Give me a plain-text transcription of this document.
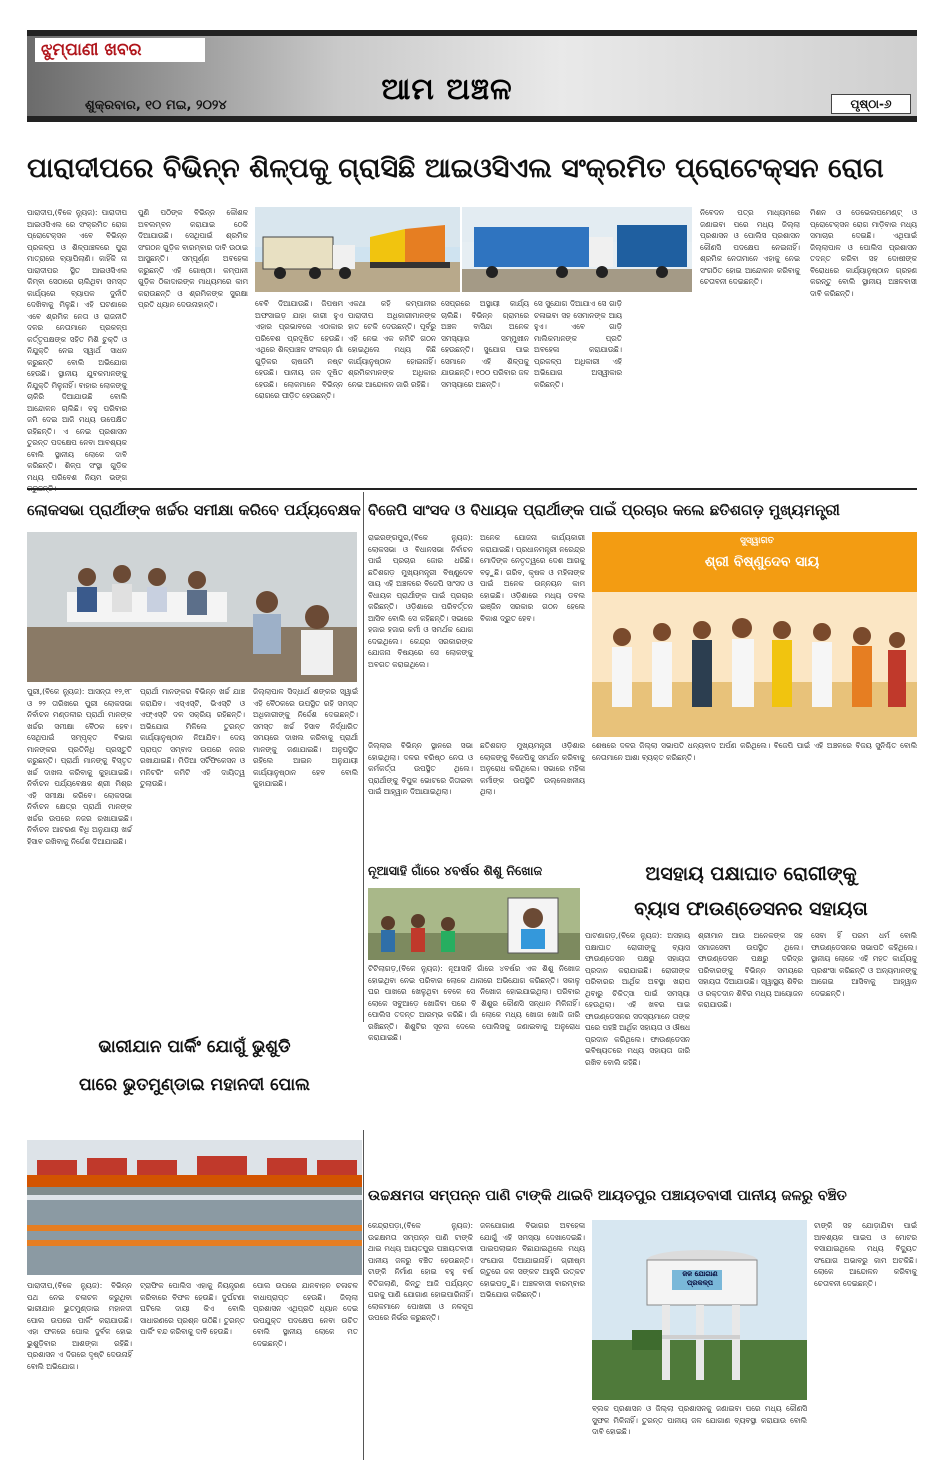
ଝୁମ୍ପାଣୀ ଖବର
ଆମ ଅଞ୍ଚଳ
ଶୁକ୍ରବାର, ୧୦ ମଇ, ୨୦୨୪	ପୃଷ୍ଠା-୬
ପାରାଦୀପରେ ବିଭିନ୍ନ ଶିଳ୍ପକୁ ଗ୍ରାସିଛି ଆଇଓସିଏଲ ସଂକ୍ରମିତ ପ୍ରୋଟେକ୍ସନ ରୋଗ
ପାରାଦୀପ,(ବିକେ ନ୍ୟୁଜ): ପାରାଦୀପ ଆଇଓସିଏଲ ରେ ସଂକ୍ରମିତ ରୋଗ ପ୍ରୋଟେକ୍ସନ ଏବେ ବିଭିନ୍ନ ପ୍ରକଳ୍ପ ଓ ଶିଳ୍ପାଞ୍ଚଳରେ ପୁରା ମାତ୍ରାରେ ବ୍ୟାପିଲାଣି। କାହିଁକି ନା ପାରାଦୀପର ସ୍ଥିତ ଆଇଓସିଏଲ କିମ୍ବା ସେଠାରେ ଚାଲିଥିବା ସମସ୍ତ କାର୍ଯ୍ୟରେ ବ୍ୟାପକ ଦୁର୍ନୀତି ଦେଖିବାକୁ ମିଳୁଛି। ଏହି ଘଟଣାରେ ଏବେ ଶ୍ରମିକ ନେତା ଓ ରାଜନୀତି ଦଳର ନେତାମାନେ ପ୍ରକଳ୍ପ କର୍ତ୍ତୃପକ୍ଷଙ୍କ ସହିତ ମିଶି ଚୁକ୍ତି ଓ ନିଯୁକ୍ତି ନେଇ ସ୍ୱାର୍ଥ ସାଧନ କରୁଛନ୍ତି ବୋଲି ଅଭିଯୋଗ ହେଉଛି। ସ୍ଥାନୀୟ ଯୁବକମାନଙ୍କୁ ନିଯୁକ୍ତି ମିଳୁନାହିଁ। ବାହାର ଲୋକଙ୍କୁ ଚାକିରି ଦିଆଯାଉଛି ବୋଲି ଆନ୍ଦୋଳନ ଚାଲିଛି। ବହୁ ପରିବାର ଜମି ଦେଇ ଆଜି ମଧ୍ୟ ଉପେକ୍ଷିତ ରହିଛନ୍ତି। ଏ ନେଇ ପ୍ରଶାସନ ତୁରନ୍ତ ପଦକ୍ଷେପ ନେବା ଆବଶ୍ୟକ ବୋଲି ସ୍ଥାନୀୟ ଲୋକେ ଦାବି କରିଛନ୍ତି। ଶିଳ୍ପ ସଂସ୍ଥା ଗୁଡ଼ିକ ମଧ୍ୟ ପରିବେଶ ନିୟମ ଭଙ୍ଗ
ପୁଣି ପଠିଙ୍କ ବିଭିନ୍ନ କୌଶଳ ଅବଲମ୍ବନ କରାଯାଇ ଠେକି ଦିଆଯାଉଛି। ସେଥିପାଇଁ ଶ୍ରମିକ ସଂଗଠନ ଗୁଡ଼ିକ ବାରମ୍ବାର ଦାବି ଉଠାଇ ଆସୁଛନ୍ତି। ସମ୍ପୂର୍ଣ୍ଣ ଅବହେଳା କରୁଛନ୍ତି ଏହି ଗୋଷ୍ଠୀ। କମ୍ପାନୀ ଗୁଡ଼ିକ ଠିକାଦାରଙ୍କ ମାଧ୍ୟମରେ କାମ କରାଉଛନ୍ତି ଓ ଶ୍ରମିକଙ୍କ ସୁରକ୍ଷା ପ୍ରତି ଧ୍ୟାନ ଦେଉନାହାନ୍ତି।	ବେବି ଦିଆଯାଉଛି। ଜିପଷମ ଅଫସାଇଡ଼ ଯାହା କାରୀ ହୁଏ ଏହାର ପ୍ରଭାବରେ ଏଠାକାର ପରିବେଶ ପ୍ରଦୂଷିତ ହେଉଛି। ଏଥିରେ ଶିଳ୍ପାଞ୍ଚଳ ସଂଲଗ୍ନ ଗାଁ ଗୁଡ଼ିକର ଚାଷଜମି ନଷ୍ଟ ହେଉଛି। ପାନୀୟ ଜଳ ଦୂଷିତ ହେଉଛି। ଲୋକମାନେ ବିଭିନ୍ନ ରୋଗରେ ପୀଡ଼ିତ ହେଉଛନ୍ତି।
ଏକଥା କହି କମ୍ପାନୀର ପାରାଦୀପ ଅଧିକାରୀମାନଙ୍କ ହାତ ଟେକି ଦେଉଛନ୍ତି। ପୂର୍ବରୁ ଏହି ନେଇ ଏକ କମିଟି ଗଠନ ହୋଇଥିଲେ ମଧ୍ୟ କିଛି କାର୍ଯ୍ୟାନୁଷ୍ଠାନ ହୋଇନାହିଁ। ଶ୍ରମିକମାନଙ୍କ ଅଧିକାର ନେଇ ଆନ୍ଦୋଳନ ଜାରି ରହିଛି।
ସେପ୍ରରେ ଅସ୍ଥାୟୀ କାର୍ଯ୍ୟ ଚାଲିଛି। ବିଭିନ୍ନ ଗ୍ରାମରେ ଅଞ୍ଚଳ ବାସିନ୍ଦା ଅନେକ ସମସ୍ୟାର ସମ୍ମୁଖୀନ ହେଉଛନ୍ତି। ସୁଯୋଗ ପାଇ ସେମାନେ ଏହି ଶିଳ୍ପକୁ ଯାଉଛନ୍ତି। ୧୦୦ ପରିବାର ଜଳ ସମସ୍ୟାରେ ଅଛନ୍ତି।
ସେ ସୁଯୋଗ ଦିଆଯାଏ ସେ ଗାଡ଼ି ଚଳାଇବା ସହ ସେମାନଙ୍କ ଆୟ ହୁଏ। ଏବେ ଗାଡ଼ି ମାଲିକମାନଙ୍କ ପ୍ରତି ଅବହେଳା କରାଯାଉଛି। ପ୍ରକଳ୍ପ ଅଧିକାରୀ ଏହି ଅଭିଯୋଗ ଅସ୍ୱୀକାର କରିଛନ୍ତି।
ନିବେଦନ ପତ୍ର ମାଧ୍ୟମରେ ଜଣାଇବା ପରେ ମଧ୍ୟ ଜିଲ୍ଲା ପ୍ରଶାସନ ଓ ପୋଲିସ ପ୍ରଶାସନ କୌଣସି ପଦକ୍ଷେପ ନେଇନାହିଁ। ଶ୍ରମିକ ନେତାମାନେ ଏହାକୁ ନେଇ ସଂଗଠିତ ହୋଇ ଆନ୍ଦୋଳନ କରିବାକୁ ଚେତାବନୀ ଦେଇଛନ୍ତି।
ମିଶନ ଓ ଡେଭେଲପମେଣ୍ଟ୍ ଓ ପ୍ରୋଟେକ୍ସନ ରୋଗ ମାଡ଼ିବାର ମଧ୍ୟ ସମାଚାର ଦେଇଛି। ଏଥିପାଇଁ ଜିଲ୍ଲାପାଳ ଓ ପୋଲିସ ପ୍ରଶାସନ ତଦନ୍ତ କରିବା ସହ ଦୋଷୀଙ୍କ ବିରୋଧରେ କାର୍ଯ୍ୟାନୁଷ୍ଠାନ ଗ୍ରହଣ କରନ୍ତୁ ବୋଲି ସ୍ଥାନୀୟ ଅଞ୍ଚଳବାସୀ ଦାବି କରିଛନ୍ତି।
ଲୋକସଭା ପ୍ରାର୍ଥୀଙ୍କ ଖର୍ଚ୍ଚର ସମୀକ୍ଷା କରିବେ ପର୍ଯ୍ୟବେକ୍ଷକ
ପୁରୀ,(ବିକେ ନ୍ୟୁଜ): ଆସନ୍ତା ୧୨,୧୮ ଓ ୨୨ ତାରିଖରେ ପୁରୀ ଲୋକସଭା ନିର୍ବାଚନ ମଣ୍ଡଳୀର ପ୍ରାର୍ଥୀ ମାନଙ୍କ ଖର୍ଚ୍ଚର ସମୀକ୍ଷା ବୈଠକ ହେବ। ସେଥିପାଇଁ ସମ୍ପୃକ୍ତ ବିଭାଗ ମାନଙ୍କର ପ୍ରତିନିଧି ପ୍ରସ୍ତୁତି କରୁଛନ୍ତି। ପ୍ରାର୍ଥୀ ମାନଙ୍କୁ ବିସ୍ତୃତ ଖର୍ଚ୍ଚ ଦାଖଲ କରିବାକୁ କୁହାଯାଇଛି। ନିର୍ବାଚନ ପର୍ଯ୍ୟବେକ୍ଷକ ଶ୍ରୀ ମିଶ୍ର ଏହି ସମୀକ୍ଷା କରିବେ। ଲୋକସଭା ନିର୍ବାଚନ କ୍ଷେତ୍ର ପ୍ରାର୍ଥୀ ମାନଙ୍କ ଖର୍ଚ୍ଚର ଉପରେ ନଜର ରଖାଯାଇଛି। ନିର୍ବାଚନ ଆଚରଣ ବିଧି ଅନୁଯାୟୀ ଖର୍ଚ୍ଚ ହିସାବ ରଖିବାକୁ ନିର୍ଦ୍ଦେଶ ଦିଆଯାଇଛି।
ପ୍ରାର୍ଥୀ ମାନଙ୍କର ବିଭିନ୍ନ ଖର୍ଚ୍ଚ ଯାଞ୍ଚ କରାଯିବ। ଏସ୍ଏସ୍‌ଟି, ଭିଏସ୍‌ଟି ଓ ଏଫ୍‌ଏସ୍‌ଟି ଦଳ ସକ୍ରିୟ ରହିଛନ୍ତି। ଅଭିଯୋଗ ମିଳିଲେ ତୁରନ୍ତ କାର୍ଯ୍ୟାନୁଷ୍ଠାନ ନିଆଯିବ। ଦେୟ ପ୍ରାପ୍ତ ସମ୍ବାଦ ଉପରେ ନଜର ରଖାଯାଇଛି। ମିଡିଆ ସର୍ଟିଫିକେସନ ଓ ମନିଟରିଂ କମିଟି ଏହି ଦାୟିତ୍ୱ ତୁଲାଉଛି।
ଜିଲ୍ଲାପାଳ ସିଦ୍ଧାର୍ଥ ଶଙ୍କର ସ୍ୱାଇଁ ଏହି ବୈଠକରେ ଉପସ୍ଥିତ ରହି ସମସ୍ତ ଅଧିକାରୀଙ୍କୁ ନିର୍ଦ୍ଦେଶ ଦେଇଛନ୍ତି। ସମସ୍ତ ଖର୍ଚ୍ଚ ହିସାବ ନିର୍ଦ୍ଧାରିତ ସମୟରେ ଦାଖଲ କରିବାକୁ ପ୍ରାର୍ଥୀ ମାନଙ୍କୁ ଜଣାଯାଇଛି। ଅନୁପସ୍ଥିତ ରହିଲେ ଆଇନ ଅନୁଯାୟୀ କାର୍ଯ୍ୟାନୁଷ୍ଠାନ ହେବ ବୋଲି କୁହାଯାଇଛି।
ବିଜେପି ସାଂସଦ ଓ ବିଧାୟକ ପ୍ରାର୍ଥୀଙ୍କ ପାଇଁ ପ୍ରଚାର କଲେ ଛତିଶଗଡ଼ ମୁଖ୍ୟମନ୍ତ୍ରୀ
ରାଇରଙ୍ଗପୁର,(ବିକେ ନ୍ୟୁଜ): ଲୋକସଭା ଓ ବିଧାନସଭା ନିର୍ବାଚନ ପାଇଁ ପ୍ରଚାର ଜୋର ଧରିଛି। ଛତିଶଗଡ଼ ମୁଖ୍ୟମନ୍ତ୍ରୀ ବିଷ୍ଣୁଦେବ ସାୟ ଏହି ଅଞ୍ଚଳରେ ବିଜେପି ସାଂସଦ ଓ ବିଧାୟକ ପ୍ରାର୍ଥୀଙ୍କ ପାଇଁ ପ୍ରଚାର କରିଛନ୍ତି। ଓଡ଼ିଶାରେ ପରିବର୍ତ୍ତନ ଆସିବ ବୋଲି ସେ କହିଛନ୍ତି। ସଭାରେ ହଜାର ହଜାର କର୍ମୀ ଓ ସମର୍ଥକ ଯୋଗ ଦେଇଥିଲେ। କେନ୍ଦ୍ର ସରକାରଙ୍କ ଯୋଜନା ବିଷୟରେ ସେ ଲୋକଙ୍କୁ ଅବଗତ କରାଇଥିଲେ।
ଅନେକ ଯୋଜନା କାର୍ଯ୍ୟକାରୀ କରାଯାଇଛି। ପ୍ରଧାନମନ୍ତ୍ରୀ ନରେନ୍ଦ୍ର ମୋଦିଙ୍କ ନେତୃତ୍ୱରେ ଦେଶ ଆଗକୁ ବଢ଼ୁଛି। ଗରିବ, କୃଷକ ଓ ମହିଳାଙ୍କ ପାଇଁ ଅନେକ ଉନ୍ନୟନ କାମ ହୋଇଛି। ଓଡ଼ିଶାରେ ମଧ୍ୟ ଡବଲ ଇଞ୍ଜିନ ସରକାର ଗଠନ ହେଲେ ବିକାଶ ଦ୍ରୁତ ହେବ।
ସୁସ୍ୱାଗତ
ଶ୍ରୀ ବିଷ୍ଣୁଦେବ ସାୟ
ଜିଲ୍ଲାର ବିଭିନ୍ନ ସ୍ଥାନରେ ସଭା ହୋଇଥିଲା। ଦଳର ବରିଷ୍ଠ ନେତା ଓ କର୍ମକର୍ତ୍ତା ଉପସ୍ଥିତ ଥିଲେ। ପ୍ରାର୍ଥୀଙ୍କୁ ବିପୁଳ ଭୋଟରେ ଜିତାଇବା ପାଇଁ ଆହ୍ୱାନ ଦିଆଯାଇଥିଲା।
ଛତିଶଗଡ଼ ମୁଖ୍ୟମନ୍ତ୍ରୀ ଓଡ଼ିଶାର ଲୋକଙ୍କୁ ବିଜେପିକୁ ସମର୍ଥନ କରିବାକୁ ଅନୁରୋଧ କରିଥିଲେ। ସଭାରେ ମହିଳା କର୍ମୀଙ୍କ ଉପସ୍ଥିତି ଉଲ୍ଲେଖନୀୟ ଥିଲା।
ଶେଷରେ ଦଳର ଜିଲ୍ଲା ସଭାପତି ଧନ୍ୟବାଦ ଅର୍ପଣ କରିଥିଲେ। ବିଜେପି ପାଇଁ ଏହି ଅଞ୍ଚଳରେ ବିଜୟ ସୁନିଶ୍ଚିତ ବୋଲି ନେତାମାନେ ଆଶା ବ୍ୟକ୍ତ କରିଛନ୍ତି।
ନୂଆସାହି ଗାଁରେ ୪ବର୍ଷର ଶିଶୁ ନିଖୋଜ
ଟିଟିଲାଗଡ଼,(ବିକେ ନ୍ୟୁଜ): ନୂଆସାହି ଗାଁରେ ୪ବର୍ଷର ଏକ ଶିଶୁ ନିଖୋଜ ହୋଇଥିବା ନେଇ ପରିବାର ଲୋକେ ଥାନାରେ ଅଭିଯୋଗ କରିଛନ୍ତି। ସକାଳୁ ଘର ପାଖରେ ଖେଳୁଥିବା ବେଳେ ସେ ନିଖୋଜ ହୋଇଯାଇଥିଲା। ପରିବାର ଲୋକେ ସବୁଆଡ଼େ ଖୋଜିବା ପରେ ବି ଶିଶୁର କୌଣସି ସନ୍ଧାନ ମିଳିନାହିଁ। ପୋଲିସ ତଦନ୍ତ ଆରମ୍ଭ କରିଛି। ଗାଁ ଲୋକେ ମଧ୍ୟ ଖୋଜା ଖୋଜି ଜାରି ରଖିଛନ୍ତି। ଶିଶୁଟିର ସୂଚନା ଦେଲେ ପୋଲିସକୁ ଜଣାଇବାକୁ ଅନୁରୋଧ କରାଯାଇଛି।
ଅସହାୟ ପକ୍ଷାଘାତ ରୋଗୀଙ୍କୁ
ବ୍ୟାସ ଫାଉଣ୍ଡେସନର ସହାୟତା
ପାଟଣାଗଡ଼,(ବିକେ ନ୍ୟୁଜ): ଅସହାୟ ପକ୍ଷାଘାତ ରୋଗୀଙ୍କୁ ବ୍ୟାସ ଫାଉଣ୍ଡେସନ ପକ୍ଷରୁ ସହାୟତା ପ୍ରଦାନ କରାଯାଇଛି। ରୋଗୀଙ୍କ ପରିବାରର ଆର୍ଥିକ ଅବସ୍ଥା ଖରାପ ଥିବାରୁ ଚିକିତ୍ସା ପାଇଁ ସମସ୍ୟା ହେଉଥିଲା। ଏହି ଖବର ପାଇ ଫାଉଣ୍ଡେସନର ସଦସ୍ୟମାନେ ତାଙ୍କ ଘରେ ପହଞ୍ଚି ଆର୍ଥିକ ସହାୟତା ଓ ଔଷଧ ପ୍ରଦାନ କରିଥିଲେ। ଫାଉଣ୍ଡେସନ ଭବିଷ୍ୟତରେ ମଧ୍ୟ ସହାୟତା ଜାରି ରଖିବ ବୋଲି କହିଛି।
ଶ୍ରୀମାନ ଆଉ ଅନେକଙ୍କ ସହ ସମାଜସେବୀ ଉପସ୍ଥିତ ଥିଲେ। ଫାଉଣ୍ଡେସନ ପକ୍ଷରୁ ଦରିଦ୍ର ପରିବାରଙ୍କୁ ବିଭିନ୍ନ ସମୟରେ ସହାୟତା ଦିଆଯାଉଛି। ସ୍ୱାସ୍ଥ୍ୟ ଶିବିର ଓ ରକ୍ତଦାନ ଶିବିର ମଧ୍ୟ ଆୟୋଜନ କରାଯାଉଛି।
ସେବା ହିଁ ପରମ ଧର୍ମ ବୋଲି ଫାଉଣ୍ଡେସନର ସଭାପତି କହିଥିଲେ। ସ୍ଥାନୀୟ ଲୋକେ ଏହି ମହତ କାର୍ଯ୍ୟକୁ ପ୍ରଶଂସା କରିଛନ୍ତି ଓ ଅନ୍ୟମାନଙ୍କୁ ଆଗେଇ ଆସିବାକୁ ଆହ୍ୱାନ ଦେଇଛନ୍ତି।
ଭାରୀଯାନ ପାର୍କିଂ ଯୋଗୁଁ ଭୁଶୁଡି
ପାରେ ଭୁତମୁଣ୍ଡାଇ ମହାନଦୀ ପୋଲ
ପାରାଦୀପ,(ବିକେ ନ୍ୟୁଜ): ବିଭିନ୍ନ ପଥ ନେଇ ଚଳାଚଳ କରୁଥିବା ଭାରୀଯାନ ଭୁତମୁଣ୍ଡାଇ ମହାନଦୀ ପୋଲ ଉପରେ ପାର୍କିଂ କରାଯାଉଛି। ଏହା ଫଳରେ ପୋଲ ଦୁର୍ବଳ ହୋଇ ଭୁଶୁଡ଼ିବାର ଆଶଙ୍କା ରହିଛି। ପ୍ରଶାସନ ଏ ଦିଗରେ ଦୃଷ୍ଟି ଦେଉନାହିଁ ବୋଲି ଅଭିଯୋଗ।
ଟ୍ରାଫିକ ପୋଲିସ ଏହାକୁ ନିୟନ୍ତ୍ରଣ କରିବାରେ ବିଫଳ ହେଉଛି। ଦୁର୍ଘଟଣା ଘଟିଲେ ଦାୟୀ କିଏ ବୋଲି ସାଧାରଣରେ ପ୍ରଶ୍ନ ଉଠିଛି। ତୁରନ୍ତ ପାର୍କିଂ ବନ୍ଦ କରିବାକୁ ଦାବି ହେଉଛି।
ପୋଲ ଉପରେ ଯାନବାହନ ଚଳାଚଳ ବାଧାପ୍ରାପ୍ତ ହେଉଛି। ଜିଲ୍ଲା ପ୍ରଶାସନ ଏଥିପ୍ରତି ଧ୍ୟାନ ଦେଇ ଉପଯୁକ୍ତ ପଦକ୍ଷେପ ନେବା ଉଚିତ ବୋଲି ସ୍ଥାନୀୟ ଲୋକେ ମତ ଦେଇଛନ୍ତି।
ଉଚ୍ଚକ୍ଷମତା ସମ୍ପନ୍ନ ପାଣି ଟାଙ୍କି ଥାଇବି ଆୟତପୁର ପଞ୍ଚାୟତବାସୀ ପାନୀୟ ଜଳରୁ ବଞ୍ଚିତ
କେନ୍ଦ୍ରାପଡ଼ା,(ବିକେ ନ୍ୟୁଜ): ଉଚ୍ଚକ୍ଷମତା ସମ୍ପନ୍ନ ପାଣି ଟାଙ୍କି ଥାଇ ମଧ୍ୟ ଆୟତପୁର ପଞ୍ଚାୟତବାସୀ ପାନୀୟ ଜଳରୁ ବଞ୍ଚିତ ହେଉଛନ୍ତି। ଟାଙ୍କି ନିର୍ମାଣ ହୋଇ ବହୁ ବର୍ଷ ବିତିଗଲାଣି, କିନ୍ତୁ ଆଜି ପର୍ଯ୍ୟନ୍ତ ଘରକୁ ପାଣି ଯୋଗାଣ ହୋଇପାରିନାହିଁ। ଲୋକମାନେ ପୋଖରୀ ଓ ନଳକୂପ ଉପରେ ନିର୍ଭର କରୁଛନ୍ତି।
ଜଳଯୋଗାଣ ବିଭାଗର ଅବହେଳା ଯୋଗୁଁ ଏହି ସମସ୍ୟା ଦେଖାଦେଇଛି। ପାଇପଲାଇନ ବିଛାଯାଇଥିଲେ ମଧ୍ୟ ସଂଯୋଗ ଦିଆଯାଇନାହିଁ। ଗ୍ରୀଷ୍ମ ଋତୁରେ ଜଳ ସଙ୍କଟ ଆହୁରି ଉତ୍କଟ ହୋଇପଡ଼ୁଛି। ଅଞ୍ଚଳବାସୀ ବାରମ୍ବାର ଅଭିଯୋଗ କରିଛନ୍ତି।
ଜଳ ଯୋଗାଣ ପ୍ରକଳ୍ପ
ବ୍ଲକ ପ୍ରଶାସନ ଓ ଜିଲ୍ଲା ପ୍ରଶାସନକୁ ଜଣାଇବା ପରେ ମଧ୍ୟ କୌଣସି ସୁଫଳ ମିଳିନାହିଁ। ତୁରନ୍ତ ପାନୀୟ ଜଳ ଯୋଗାଣ ବ୍ୟବସ୍ଥା କରାଯାଉ ବୋଲି ଦାବି ହୋଇଛି।
ଟାଙ୍କି ସହ ଯୋଡ଼ାଯିବା ପାଇଁ ଆବଶ୍ୟକ ପାଇପ ଓ ମୋଟର ବସାଯାଇଥିଲେ ମଧ୍ୟ ବିଦ୍ୟୁତ ସଂଯୋଗ ଅଭାବରୁ କାମ ଅଟକିଛି। ଲୋକେ ଆନ୍ଦୋଳନ କରିବାକୁ ଚେତାବନୀ ଦେଇଛନ୍ତି।
